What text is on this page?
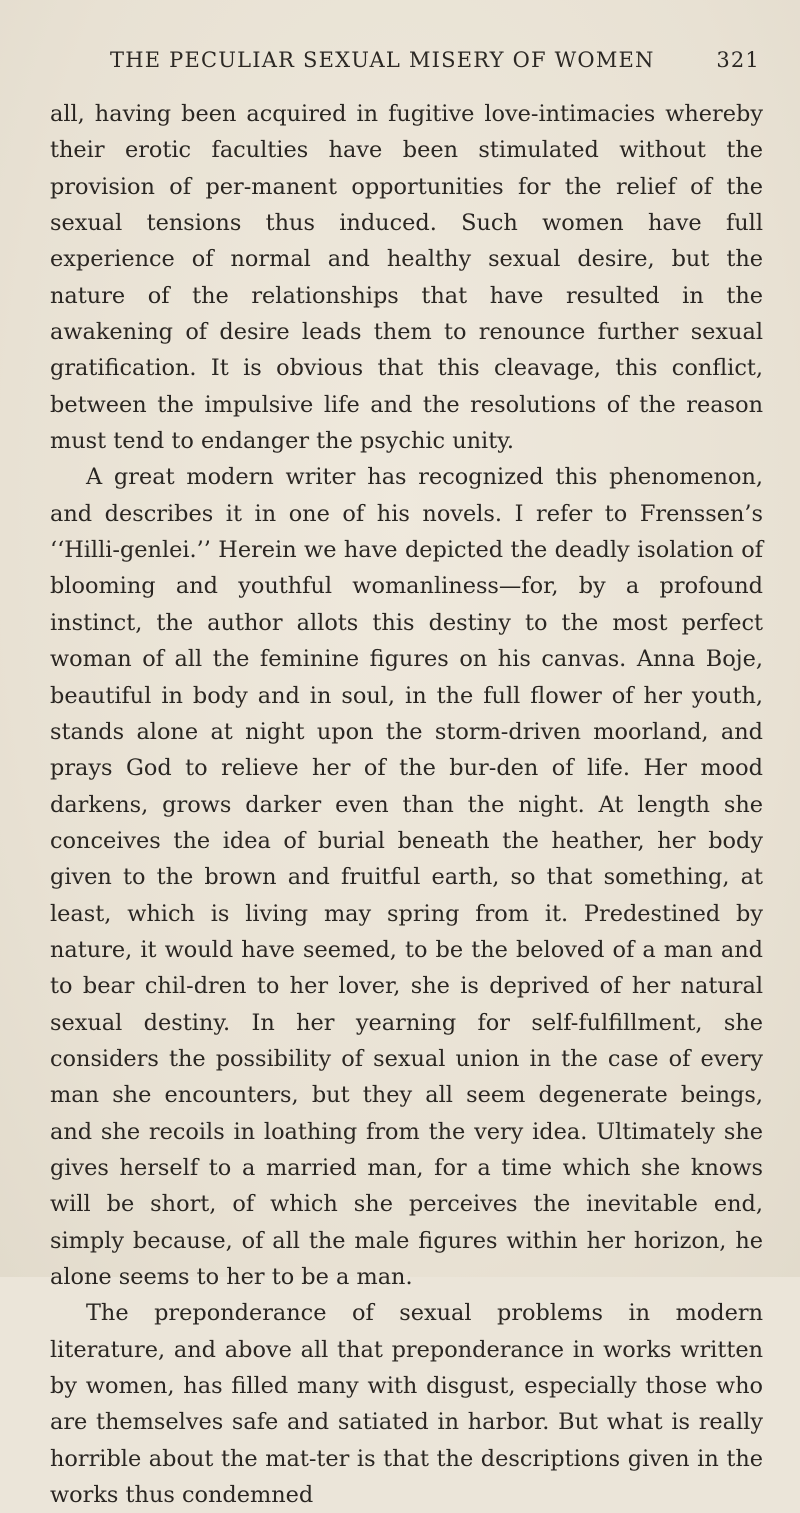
THE PECULIAR SEXUAL MISERY OF WOMEN	321

all, having been acquired in fugitive love-intimacies whereby their erotic faculties have been stimulated without the provision of per-manent opportunities for the relief of the sexual tensions thus induced. Such women have full experience of normal and healthy sexual desire, but the nature of the relationships that have resulted in the awakening of desire leads them to renounce further sexual gratification. It is obvious that this cleavage, this conflict, between the impulsive life and the resolutions of the reason must tend to endanger the psychic unity.

A great modern writer has recognized this phenomenon, and describes it in one of his novels. I refer to Frenssen’s ‘‘Hilli-genlei.’’ Herein we have depicted the deadly isolation of blooming and youthful womanliness—for, by a profound instinct, the author allots this destiny to the most perfect woman of all the feminine figures on his canvas. Anna Boje, beautiful in body and in soul, in the full flower of her youth, stands alone at night upon the storm-driven moorland, and prays God to relieve her of the bur-den of life. Her mood darkens, grows darker even than the night. At length she conceives the idea of burial beneath the heather, her body given to the brown and fruitful earth, so that something, at least, which is living may spring from it. Predestined by nature, it would have seemed, to be the beloved of a man and to bear chil-dren to her lover, she is deprived of her natural sexual destiny. In her yearning for self-fulfillment, she considers the possibility of sexual union in the case of every man she encounters, but they all seem degenerate beings, and she recoils in loathing from the very idea. Ultimately she gives herself to a married man, for a time which she knows will be short, of which she perceives the inevitable end, simply because, of all the male figures within her horizon, he alone seems to her to be a man.

The preponderance of sexual problems in modern literature, and above all that preponderance in works written by women, has filled many with disgust, especially those who are themselves safe and satiated in harbor. But what is really horrible about the mat-ter is that the descriptions given in the works thus condemned
